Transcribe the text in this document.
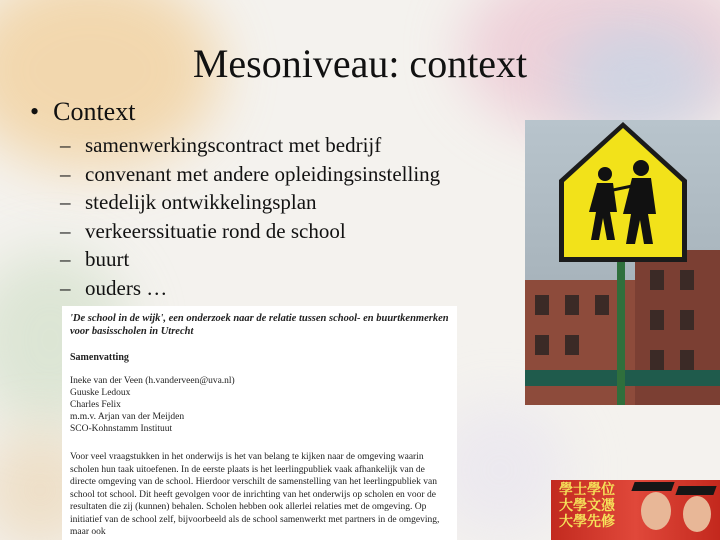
Mesoniveau: context
• Context
– samenwerkingscontract met bedrijf
– convenant met andere opleidingsinstelling
– stedelijk ontwikkelingsplan
– verkeerssituatie rond de school
– buurt
– ouders …
'De school in de wijk', een onderzoek naar de relatie tussen school- en buurtkenmerken voor basisscholen in Utrecht
Samenvatting
Ineke van der Veen (h.vanderveen@uva.nl)
Guuske Ledoux
Charles Felix
m.m.v. Arjan van der Meijden
SCO-Kohnstamm Instituut
Voor veel vraagstukken in het onderwijs is het van belang te kijken naar de omgeving waarin scholen hun taak uitoefenen. In de eerste plaats is het leerlingpubliek vaak afhankelijk van de directe omgeving van de school. Hierdoor verschilt de samenstelling van het leerlingpubliek van school tot school. Dit heeft gevolgen voor de inrichting van het onderwijs op scholen en voor de resultaten die zij (kunnen) behalen. Scholen hebben ook allerlei relaties met de omgeving. Op initiatief van de school zelf, bijvoorbeeld als de school samenwerkt met partners in de omgeving, maar ook
學士學位
大學文憑
大學先修
